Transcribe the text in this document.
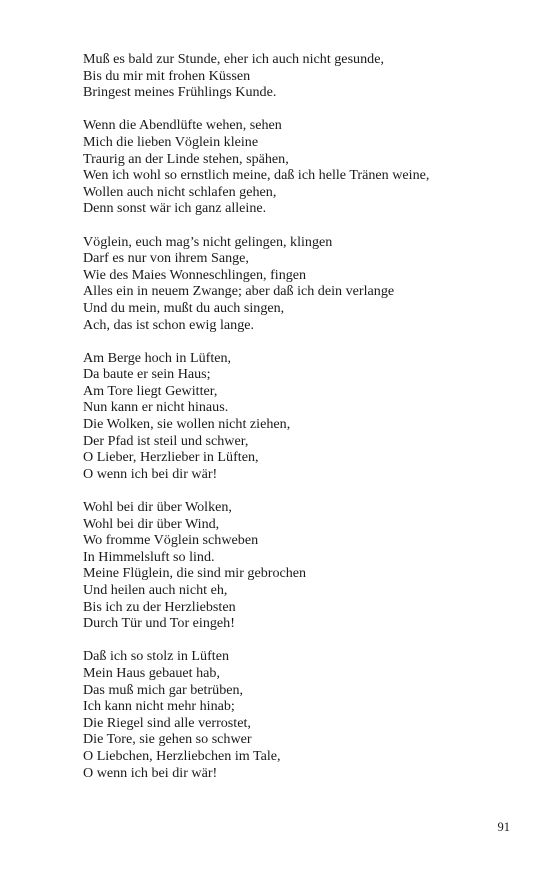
Muß es bald zur Stunde, eher ich auch nicht gesunde,
Bis du mir mit frohen Küssen
Bringest meines Frühlings Kunde.
Wenn die Abendlüfte wehen, sehen
Mich die lieben Vöglein kleine
Traurig an der Linde stehen, spähen,
Wen ich wohl so ernstlich meine, daß ich helle Tränen weine,
Wollen auch nicht schlafen gehen,
Denn sonst wär ich ganz alleine.
Vöglein, euch mag’s nicht gelingen, klingen
Darf es nur von ihrem Sange,
Wie des Maies Wonneschlingen, fingen
Alles ein in neuem Zwange; aber daß ich dein verlange
Und du mein, mußt du auch singen,
Ach, das ist schon ewig lange.
Am Berge hoch in Lüften,
Da baute er sein Haus;
Am Tore liegt Gewitter,
Nun kann er nicht hinaus.
Die Wolken, sie wollen nicht ziehen,
Der Pfad ist steil und schwer,
O Lieber, Herzlieber in Lüften,
O wenn ich bei dir wär!
Wohl bei dir über Wolken,
Wohl bei dir über Wind,
Wo fromme Vöglein schweben
In Himmelsluft so lind.
Meine Flüglein, die sind mir gebrochen
Und heilen auch nicht eh,
Bis ich zu der Herzliebsten
Durch Tür und Tor eingeh!
Daß ich so stolz in Lüften
Mein Haus gebauet hab,
Das muß mich gar betrüben,
Ich kann nicht mehr hinab;
Die Riegel sind alle verrostet,
Die Tore, sie gehen so schwer
O Liebchen, Herzliebchen im Tale,
O wenn ich bei dir wär!
91
